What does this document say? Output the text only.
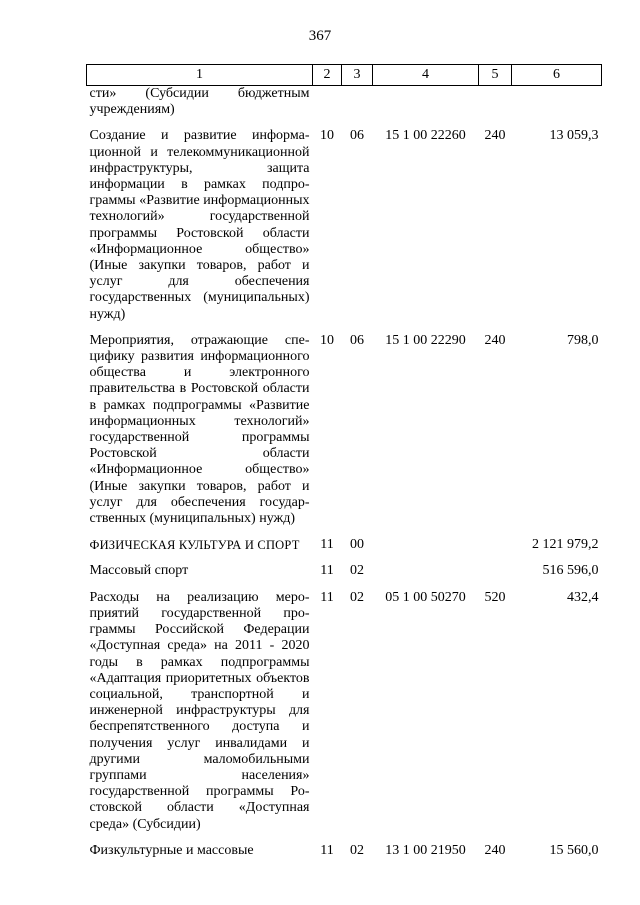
367
1	2	3	4	5	6
сти» (Субсидии бюджетным учреждениям)					
Создание и развитие информационной и телекоммуникационной инфраструктуры, защита информации в рамках подпрограммы «Развитие информационных технологий» государственной программы Ростовской области «Информационное общество» (Иные закупки товаров, работ и услуг для обеспечения государственных (муниципальных) нужд)	10	06	15 1 00 22260	240	13 059,3
Мероприятия, отражающие специфику развития информационного общества и электронного правительства в Ростовской области в рамках подпрограммы «Развитие информационных технологий» государственной программы Ростовской области «Информационное общество» (Иные закупки товаров, работ и услуг для обеспечения государственных (муниципальных) нужд)	10	06	15 1 00 22290	240	798,0
ФИЗИЧЕСКАЯ КУЛЬТУРА И СПОРТ	11	00			2 121 979,2
Массовый спорт	11	02			516 596,0
Расходы на реализацию мероприятий государственной программы Российской Федерации «Доступная среда» на 2011 - 2020 годы в рамках подпрограммы «Адаптация приоритетных объектов социальной, транспортной и инженерной инфраструктуры для беспрепятственного доступа и получения услуг инвалидами и другими маломобильными группами населения» государственной программы Ростовской области «Доступная среда» (Субсидии)	11	02	05 1 00 50270	520	432,4
Физкультурные и массовые	11	02	13 1 00 21950	240	15 560,0
